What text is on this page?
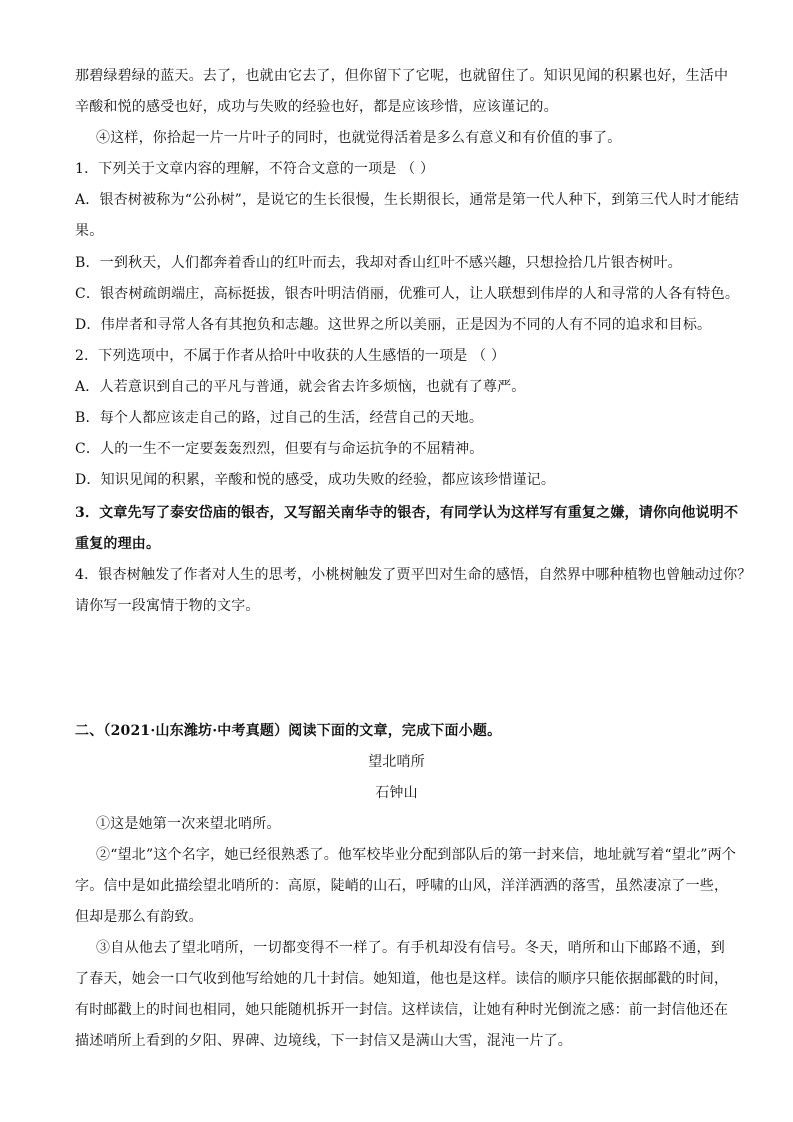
那碧绿碧绿的蓝天。去了，也就由它去了，但你留下了它呢，也就留住了。知识见闻的积累也好，生活中
辛酸和悦的感受也好，成功与失败的经验也好，都是应该珍惜，应该谨记的。
④这样，你拾起一片一片叶子的同时，也就觉得活着是多么有意义和有价值的事了。
1．下列关于文章内容的理解，不符合文意的一项是 （ ）
A．银杏树被称为“公孙树”，是说它的生长很慢，生长期很长，通常是第一代人种下，到第三代人时才能结
果。
B．一到秋天，人们都奔着香山的红叶而去，我却对香山红叶不感兴趣，只想捡拾几片银杏树叶。
C．银杏树疏朗端庄，高标挺拔，银杏叶明洁俏丽，优雅可人，让人联想到伟岸的人和寻常的人各有特色。
D．伟岸者和寻常人各有其抱负和志趣。这世界之所以美丽，正是因为不同的人有不同的追求和目标。
2．下列选项中，不属于作者从拾叶中收获的人生感悟的一项是 （ ）
A．人若意识到自己的平凡与普通，就会省去许多烦恼，也就有了尊严。
B．每个人都应该走自己的路，过自己的生活，经营自己的天地。
C．人的一生不一定要轰轰烈烈，但要有与命运抗争的不屈精神。
D．知识见闻的积累，辛酸和悦的感受，成功失败的经验，都应该珍惜谨记。
3．文章先写了泰安岱庙的银杏，又写韶关南华寺的银杏，有同学认为这样写有重复之嫌，请你向他说明不
重复的理由。
4．银杏树触发了作者对人生的思考，小桃树触发了贾平凹对生命的感悟，自然界中哪种植物也曾触动过你？
请你写一段寓情于物的文字。
二、（2021·山东潍坊·中考真题）阅读下面的文章，完成下面小题。
望北哨所
石钟山
①这是她第一次来望北哨所。
②“望北”这个名字，她已经很熟悉了。他军校毕业分配到部队后的第一封来信，地址就写着“望北”两个
字。信中是如此描绘望北哨所的：高原，陡峭的山石，呼啸的山风，洋洋洒洒的落雪，虽然凄凉了一些，
但却是那么有韵致。
③自从他去了望北哨所，一切都变得不一样了。有手机却没有信号。冬天，哨所和山下邮路不通，到
了春天，她会一口气收到他写给她的几十封信。她知道，他也是这样。读信的顺序只能依据邮戳的时间，
有时邮戳上的时间也相同，她只能随机拆开一封信。这样读信，让她有种时光倒流之感：前一封信他还在
描述哨所上看到的夕阳、界碑、边境线，下一封信又是满山大雪，混沌一片了。
